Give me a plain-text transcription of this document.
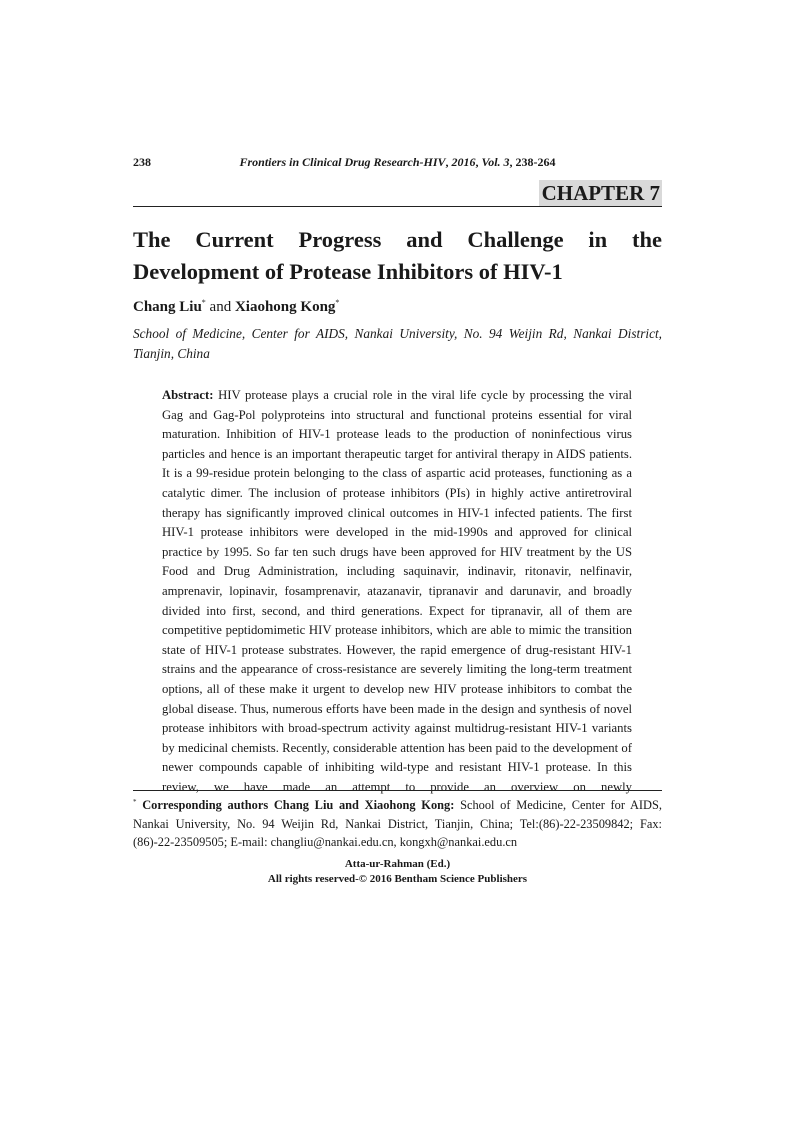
238	Frontiers in Clinical Drug Research-HIV, 2016, Vol. 3, 238-264
CHAPTER 7
The Current Progress and Challenge in the Development of Protease Inhibitors of HIV-1
Chang Liu* and Xiaohong Kong*
School of Medicine, Center for AIDS, Nankai University, No. 94 Weijin Rd, Nankai District, Tianjin, China

Abstract: HIV protease plays a crucial role in the viral life cycle by processing the viral Gag and Gag-Pol polyproteins into structural and functional proteins essential for viral maturation. Inhibition of HIV-1 protease leads to the production of noninfectious virus particles and hence is an important therapeutic target for antiviral therapy in AIDS patients. It is a 99-residue protein belonging to the class of aspartic acid proteases, functioning as a catalytic dimer. The inclusion of protease inhibitors (PIs) in highly active antiretroviral therapy has significantly improved clinical outcomes in HIV-1 infected patients. The first HIV-1 protease inhibitors were developed in the mid-1990s and approved for clinical practice by 1995. So far ten such drugs have been approved for HIV treatment by the US Food and Drug Administration, including saquinavir, indinavir, ritonavir, nelfinavir, amprenavir, lopinavir, fosamprenavir, atazanavir, tipranavir and darunavir, and broadly divided into first, second, and third generations. Expect for tipranavir, all of them are competitive peptidomimetic HIV protease inhibitors, which are able to mimic the transition state of HIV-1 protease substrates. However, the rapid emergence of drug-resistant HIV-1 strains and the appearance of cross-resistance are severely limiting the long-term treatment options, all of these make it urgent to develop new HIV protease inhibitors to combat the global disease. Thus, numerous efforts have been made in the design and synthesis of novel protease inhibitors with broad-spectrum activity against multidrug-resistant HIV-1 variants by medicinal chemists. Recently, considerable attention has been paid to the development of newer compounds capable of inhibiting wild-type and resistant HIV-1 protease. In this review, we have made an attempt to provide an overview on newly

* Corresponding authors Chang Liu and Xiaohong Kong: School of Medicine, Center for AIDS, Nankai University, No. 94 Weijin Rd, Nankai District, Tianjin, China; Tel:(86)-22-23509842; Fax: (86)-22-23509505; E-mail: changliu@nankai.edu.cn, kongxh@nankai.edu.cn
Atta-ur-Rahman (Ed.)
All rights reserved-© 2016 Bentham Science Publishers
